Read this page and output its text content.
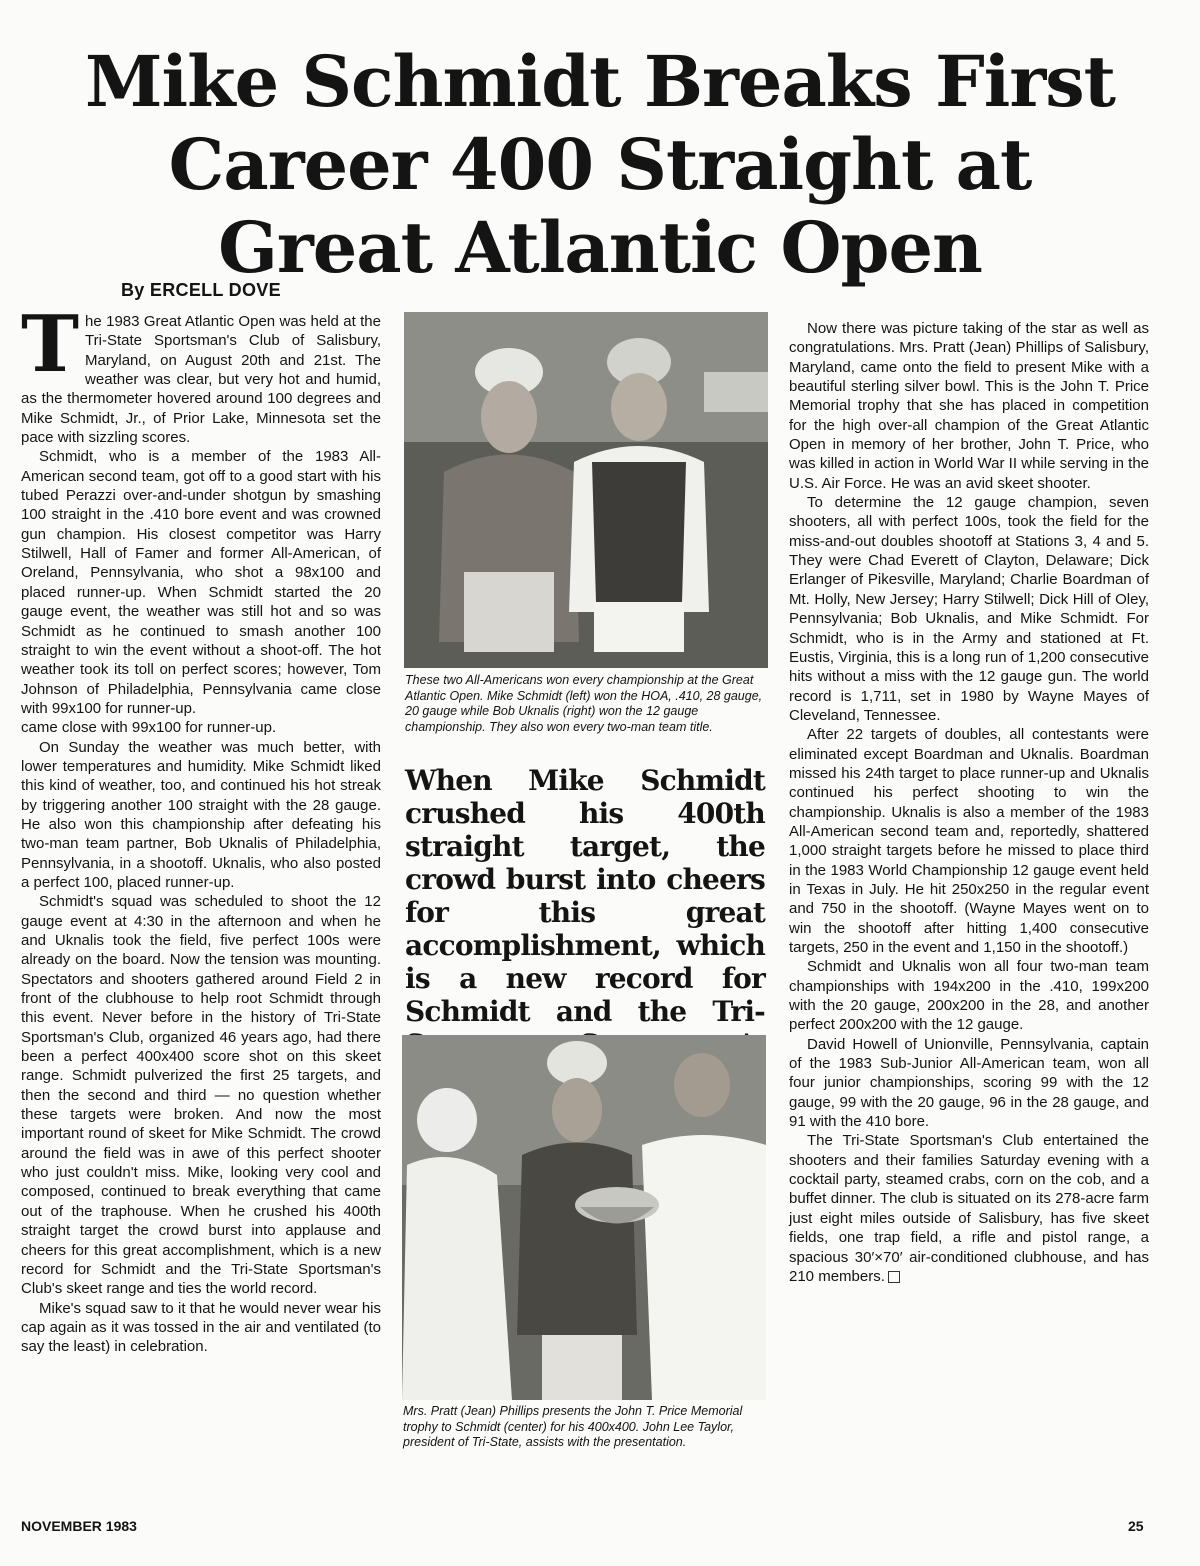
Mike Schmidt Breaks First
Career 400 Straight at
Great Atlantic Open
By ERCELL DOVE

The 1983 Great Atlantic Open was held at the Tri-State Sportsman's Club of Salisbury, Maryland, on August 20th and 21st. The weather was clear, but very hot and humid, as the thermometer hovered around 100 degrees and Mike Schmidt, Jr., of Prior Lake, Minnesota set the pace with sizzling scores.

Schmidt, who is a member of the 1983 All-American second team, got off to a good start with his tubed Perazzi over-and-under shotgun by smashing 100 straight in the .410 bore event and was crowned gun champion. His closest competitor was Harry Stilwell, Hall of Famer and former All-American, of Oreland, Pennsylvania, who shot a 98x100 and placed runner-up. When Schmidt started the 20 gauge event, the weather was still hot and so was Schmidt as he continued to smash another 100 straight to win the event without a shoot-off. The hot weather took its toll on perfect scores; however, Tom Johnson of Philadelphia, Pennsylvania came close with 99x100 for runner-up.

came close with 99x100 for runner-up.

On Sunday the weather was much better, with lower temperatures and humidity. Mike Schmidt liked this kind of weather, too, and continued his hot streak by triggering another 100 straight with the 28 gauge. He also won this championship after defeating his two-man team partner, Bob Uknalis of Philadelphia, Pennsylvania, in a shootoff. Uknalis, who also posted a perfect 100, placed runner-up.

Schmidt's squad was scheduled to shoot the 12 gauge event at 4:30 in the afternoon and when he and Uknalis took the field, five perfect 100s were already on the board. Now the tension was mounting. Spectators and shooters gathered around Field 2 in front of the clubhouse to help root Schmidt through this event. Never before in the history of Tri-State Sportsman's Club, organized 46 years ago, had there been a perfect 400x400 score shot on this skeet range. Schmidt pulverized the first 25 targets, and then the second and third — no question whether these targets were broken. And now the most important round of skeet for Mike Schmidt. The crowd around the field was in awe of this perfect shooter who just couldn't miss. Mike, looking very cool and composed, continued to break everything that came out of the traphouse. When he crushed his 400th straight target the crowd burst into applause and cheers for this great accomplishment, which is a new record for Schmidt and the Tri-State Sportsman's Club's skeet range and ties the world record.

Mike's squad saw to it that he would never wear his cap again as it was tossed in the air and ventilated (to say the least) in celebration.

These two All-Americans won every championship at the Great Atlantic Open. Mike Schmidt (left) won the HOA, .410, 28 gauge, 20 gauge while Bob Uknalis (right) won the 12 gauge championship. They also won every two-man team title.

When Mike Schmidt crushed his 400th straight target, the crowd burst into cheers for this great accomplishment, which is a new record for Schmidt and the Tri-

Mrs. Pratt (Jean) Phillips presents the John T. Price Memorial trophy to Schmidt (center) for his 400x400. John Lee Taylor, president of Tri-State, assists with the presentation.

Now there was picture taking of the star as well as congratulations. Mrs. Pratt (Jean) Phillips of Salisbury, Maryland, came onto the field to present Mike with a beautiful sterling silver bowl. This is the John T. Price Memorial trophy that she has placed in competition for the high over-all champion of the Great Atlantic Open in memory of her brother, John T. Price, who was killed in action in World War II while serving in the U.S. Air Force. He was an avid skeet shooter.

To determine the 12 gauge champion, seven shooters, all with perfect 100s, took the field for the miss-and-out doubles shootoff at Stations 3, 4 and 5. They were Chad Everett of Clayton, Delaware; Dick Erlanger of Pikesville, Maryland; Charlie Boardman of Mt. Holly, New Jersey; Harry Stilwell; Dick Hill of Oley, Pennsylvania; Bob Uknalis, and Mike Schmidt. For Schmidt, who is in the Army and stationed at Ft. Eustis, Virginia, this is a long run of 1,200 consecutive hits without a miss with the 12 gauge gun. The world record is 1,711, set in 1980 by Wayne Mayes of Cleveland, Tennessee.

After 22 targets of doubles, all contestants were eliminated except Boardman and Uknalis. Boardman missed his 24th target to place runner-up and Uknalis continued his perfect shooting to win the championship. Uknalis is also a member of the 1983 All-American second team and, reportedly, shattered 1,000 straight targets before he missed to place third in the 1983 World Championship 12 gauge event held in Texas in July. He hit 250x250 in the regular event and 750 in the shootoff. (Wayne Mayes went on to win the shootoff after hitting 1,400 consecutive targets, 250 in the event and 1,150 in the shootoff.)

Schmidt and Uknalis won all four two-man team championships with 194x200 in the .410, 199x200 with the 20 gauge, 200x200 in the 28, and another perfect 200x200 with the 12 gauge.

David Howell of Unionville, Pennsylvania, captain of the 1983 Sub-Junior All-American team, won all four junior championships, scoring 99 with the 12 gauge, 99 with the 20 gauge, 96 in the 28 gauge, and 91 with the 410 bore.

The Tri-State Sportsman's Club entertained the shooters and their families Saturday evening with a cocktail party, steamed crabs, corn on the cob, and a buffet dinner. The club is situated on its 278-acre farm just eight miles outside of Salisbury, has five skeet fields, one trap field, a rifle and pistol range, a spacious 30′×70′ air-conditioned clubhouse, and has 210 members.

NOVEMBER 1983	25
